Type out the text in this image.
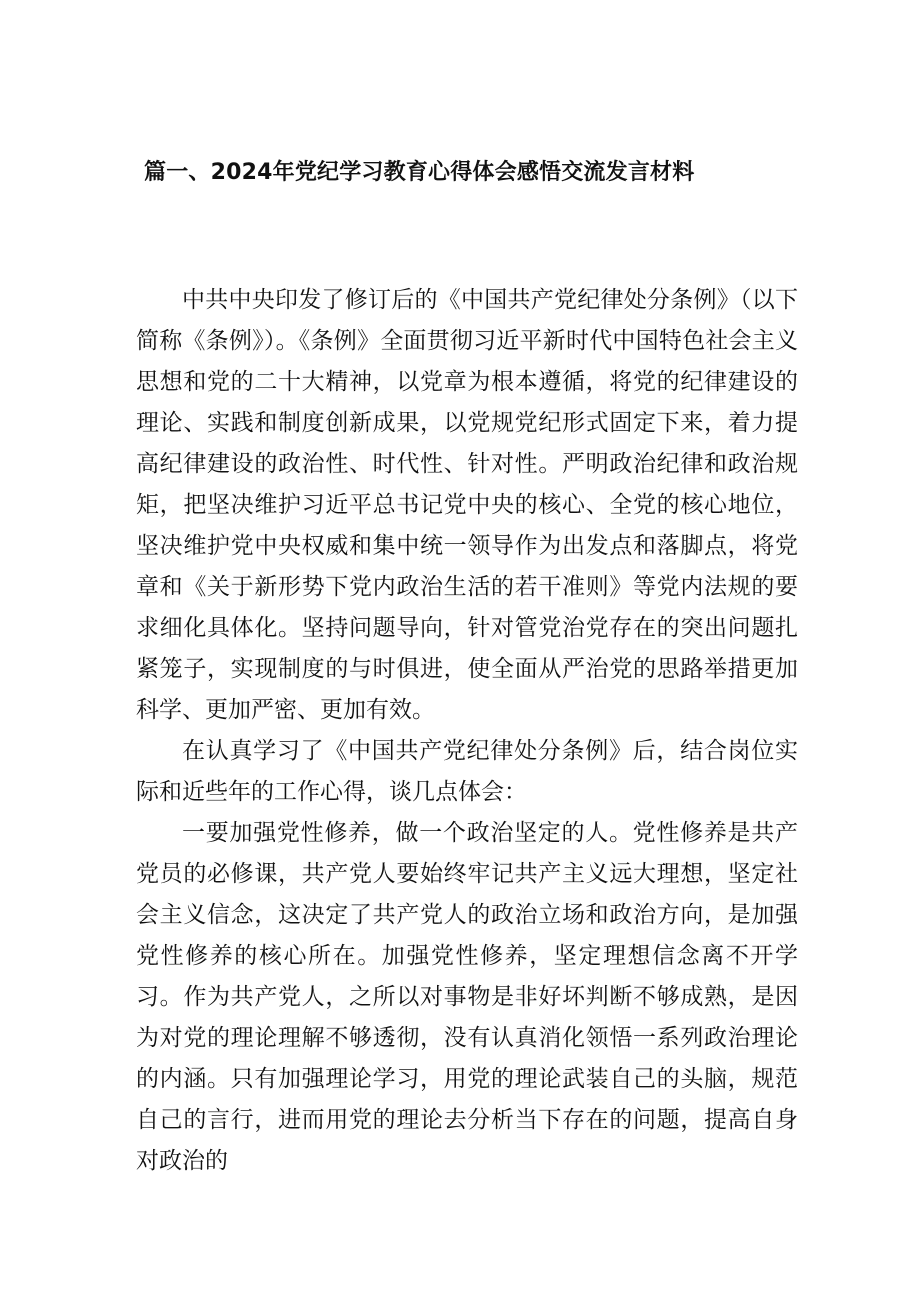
篇一、2024年党纪学习教育心得体会感悟交流发言材料

中共中央印发了修订后的《中国共产党纪律处分条例》（以下简称《条例》）。《条例》全面贯彻习近平新时代中国特色社会主义思想和党的二十大精神，以党章为根本遵循，将党的纪律建设的理论、实践和制度创新成果，以党规党纪形式固定下来，着力提高纪律建设的政治性、时代性、针对性。严明政治纪律和政治规矩，把坚决维护习近平总书记党中央的核心、全党的核心地位，坚决维护党中央权威和集中统一领导作为出发点和落脚点，将党章和《关于新形势下党内政治生活的若干准则》等党内法规的要求细化具体化。坚持问题导向，针对管党治党存在的突出问题扎紧笼子，实现制度的与时俱进，使全面从严治党的思路举措更加科学、更加严密、更加有效。

在认真学习了《中国共产党纪律处分条例》后，结合岗位实际和近些年的工作心得，谈几点体会：

一要加强党性修养，做一个政治坚定的人。党性修养是共产党员的必修课，共产党人要始终牢记共产主义远大理想，坚定社会主义信念，这决定了共产党人的政治立场和政治方向，是加强党性修养的核心所在。加强党性修养，坚定理想信念离不开学习。作为共产党人，之所以对事物是非好坏判断不够成熟，是因为对党的理论理解不够透彻，没有认真消化领悟一系列政治理论的内涵。只有加强理论学习，用党的理论武装自己的头脑，规范自己的言行，进而用党的理论去分析当下存在的问题，提高自身对政治的
